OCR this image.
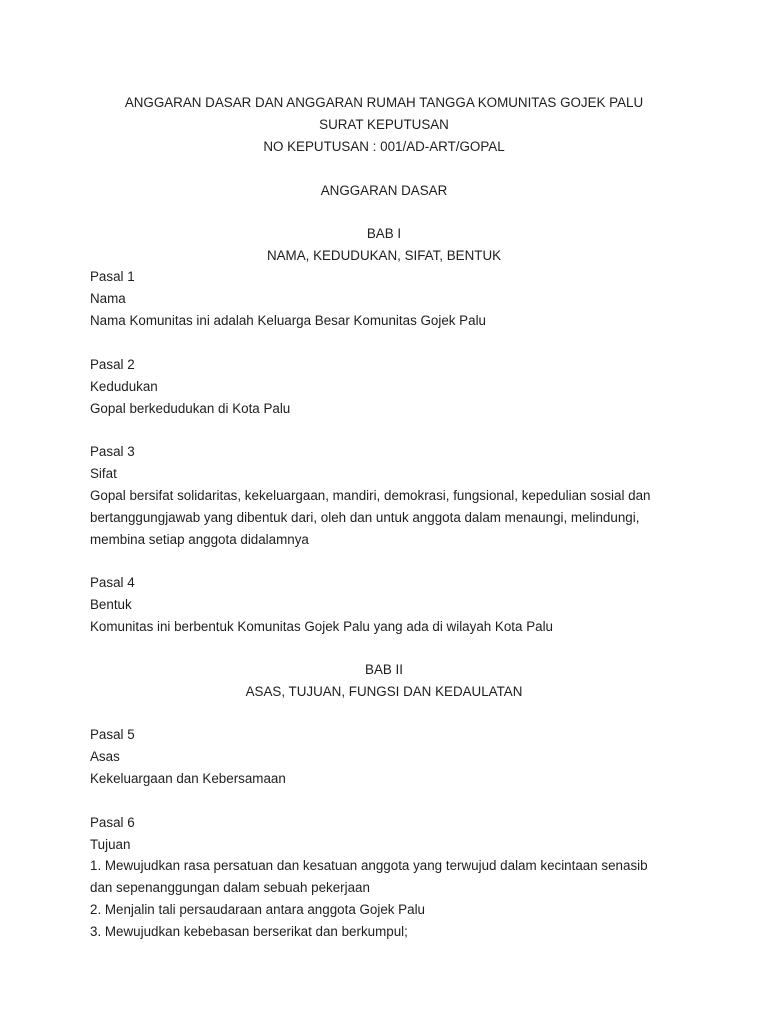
ANGGARAN DASAR DAN ANGGARAN RUMAH TANGGA KOMUNITAS GOJEK PALU
SURAT KEPUTUSAN
NO KEPUTUSAN : 001/AD-ART/GOPAL
ANGGARAN DASAR
BAB I
NAMA, KEDUDUKAN, SIFAT, BENTUK
Pasal 1
Nama
Nama Komunitas ini adalah Keluarga Besar Komunitas Gojek Palu
Pasal 2
Kedudukan
Gopal berkedudukan di Kota Palu
Pasal 3
Sifat
Gopal bersifat solidaritas, kekeluargaan, mandiri, demokrasi, fungsional, kepedulian sosial dan
bertanggungjawab yang dibentuk dari, oleh dan untuk anggota dalam menaungi, melindungi,
membina setiap anggota didalamnya
Pasal 4
Bentuk
Komunitas ini berbentuk Komunitas Gojek Palu yang ada di wilayah Kota Palu
BAB II
ASAS, TUJUAN, FUNGSI DAN KEDAULATAN
Pasal 5
Asas
Kekeluargaan dan Kebersamaan
Pasal 6
Tujuan
1. Mewujudkan rasa persatuan dan kesatuan anggota yang terwujud dalam kecintaan senasib
dan sepenanggungan dalam sebuah pekerjaan
2. Menjalin tali persaudaraan antara anggota Gojek Palu
3. Mewujudkan kebebasan berserikat dan berkumpul;
